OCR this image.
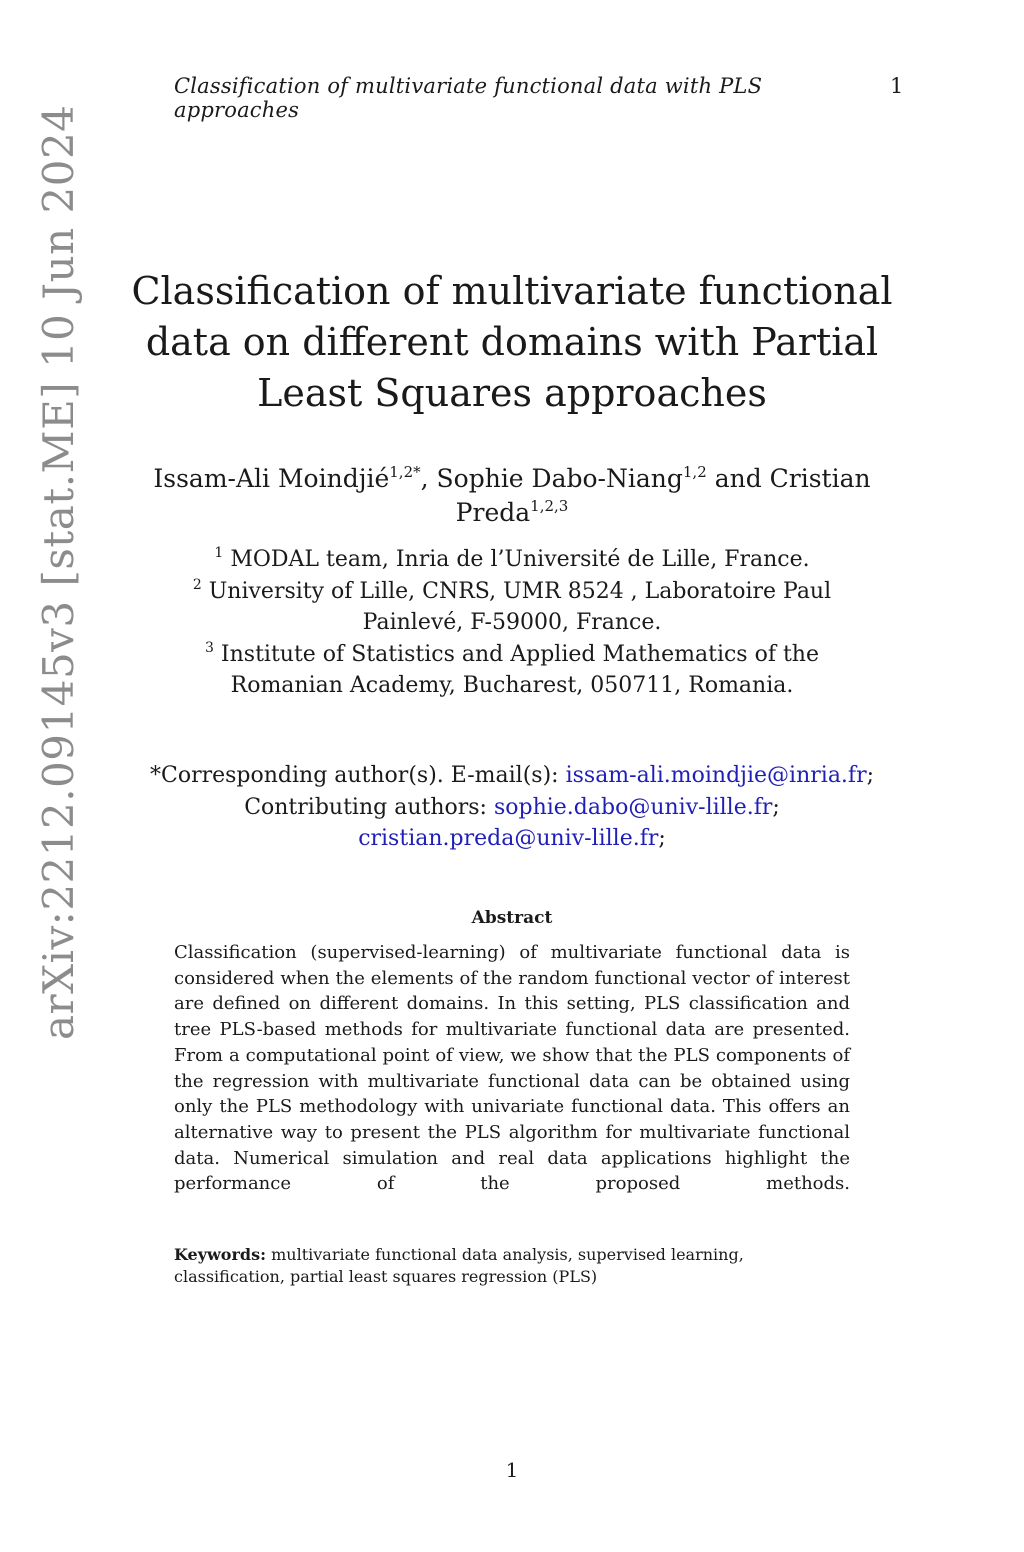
Classification of multivariate functional data with PLS approaches
1
arXiv:2212.09145v3 [stat.ME] 10 Jun 2024	Classification of multivariate functional data on different domains with Partial Least Squares approaches
Issam-Ali Moindjié$^{1,2*}$, Sophie Dabo-Niang$^{1,2}$ and Cristian Preda$^{1,2,3}$
$^1$ MODAL team, Inria de l’Université de Lille, France.
$^2$ University of Lille, CNRS, UMR 8524 , Laboratoire Paul Painlevé, F-59000, France.
$^3$ Institute of Statistics and Applied Mathematics of the Romanian Academy, Bucharest, 050711, Romania.
*Corresponding author(s). E-mail(s): issam-ali.moindjie@inria.fr;
Contributing authors: sophie.dabo@univ-lille.fr;
cristian.preda@univ-lille.fr;
Abstract

Classification (supervised-learning) of multivariate functional data is considered when the elements of the random functional vector of interest are defined on different domains. In this setting, PLS classification and tree PLS-based methods for multivariate functional data are presented. From a computational point of view, we show that the PLS components of the regression with multivariate functional data can be obtained using only the PLS methodology with univariate functional data. This offers an alternative way to present the PLS algorithm for multivariate functional data. Numerical simulation and real data applications highlight the performance of the proposed methods.

Keywords: multivariate functional data analysis, supervised learning, classification, partial least squares regression (PLS)

1
